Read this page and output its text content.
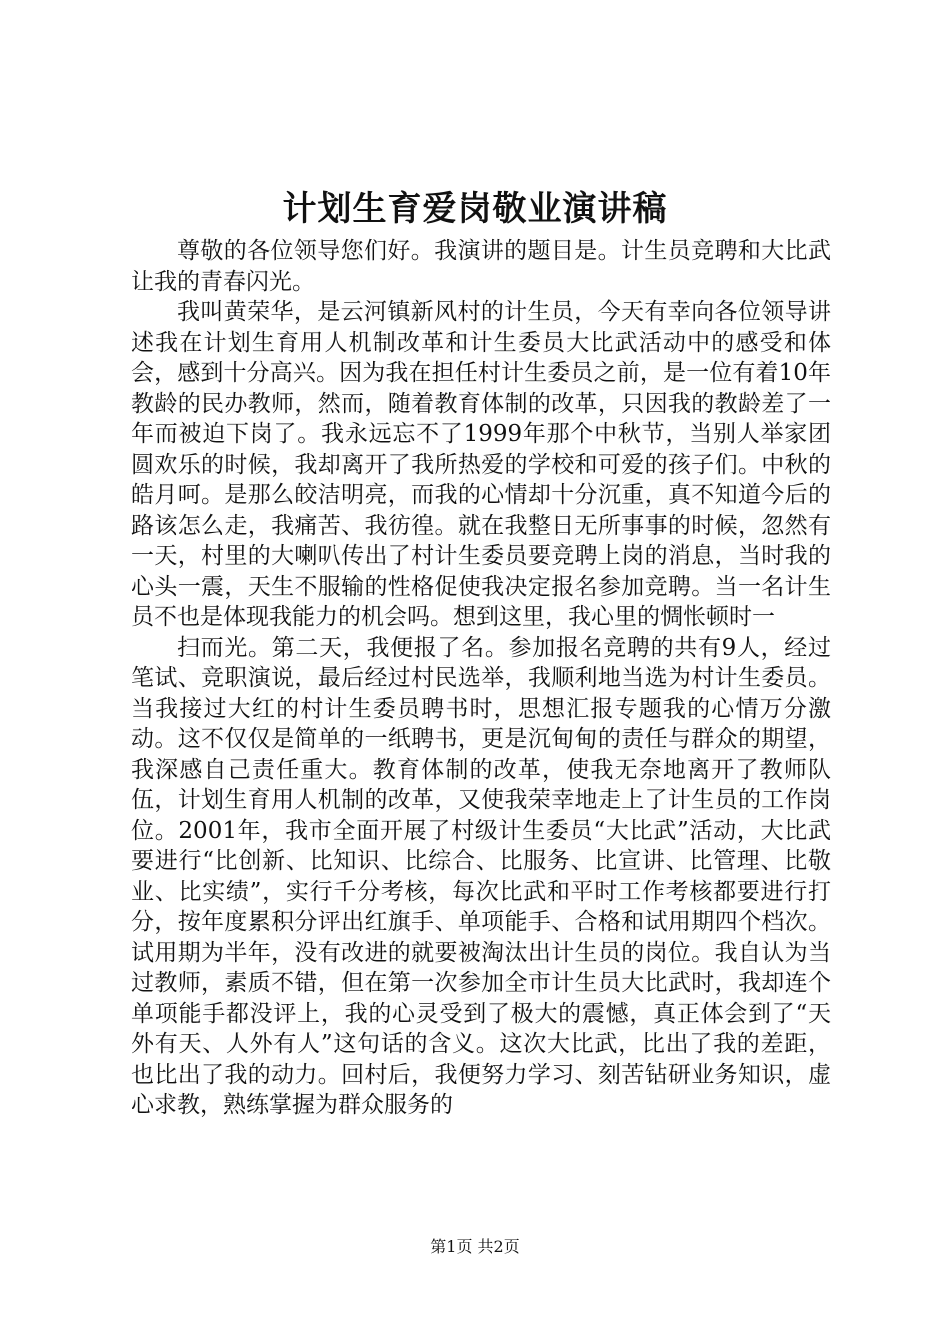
计划生育爱岗敬业演讲稿

尊敬的各位领导您们好。我演讲的题目是。计生员竞聘和大比武让我的青春闪光。

我叫黄荣华，是云河镇新风村的计生员，今天有幸向各位领导讲述我在计划生育用人机制改革和计生委员大比武活动中的感受和体会，感到十分高兴。因为我在担任村计生委员之前，是一位有着10年教龄的民办教师，然而，随着教育体制的改革，只因我的教龄差了一年而被迫下岗了。我永远忘不了1999年那个中秋节，当别人举家团圆欢乐的时候，我却离开了我所热爱的学校和可爱的孩子们。中秋的皓月呵。是那么皎洁明亮，而我的心情却十分沉重，真不知道今后的路该怎么走，我痛苦、我彷徨。就在我整日无所事事的时候，忽然有一天，村里的大喇叭传出了村计生委员要竞聘上岗的消息，当时我的心头一震，天生不服输的性格促使我决定报名参加竞聘。当一名计生员不也是体现我能力的机会吗。想到这里，我心里的惆怅顿时一

扫而光。第二天，我便报了名。参加报名竞聘的共有9人，经过笔试、竞职演说，最后经过村民选举，我顺利地当选为村计生委员。当我接过大红的村计生委员聘书时，思想汇报专题我的心情万分激动。这不仅仅是简单的一纸聘书，更是沉甸甸的责任与群众的期望，我深感自己责任重大。教育体制的改革，使我无奈地离开了教师队伍，计划生育用人机制的改革，又使我荣幸地走上了计生员的工作岗位。2001年，我市全面开展了村级计生委员“大比武”活动，大比武要进行“比创新、比知识、比综合、比服务、比宣讲、比管理、比敬业、比实绩”，实行千分考核，每次比武和平时工作考核都要进行打分，按年度累积分评出红旗手、单项能手、合格和试用期四个档次。试用期为半年，没有改进的就要被淘汰出计生员的岗位。我自认为当过教师，素质不错，但在第一次参加全市计生员大比武时，我却连个单项能手都没评上，我的心灵受到了极大的震憾，真正体会到了“天外有天、人外有人”这句话的含义。这次大比武，比出了我的差距，也比出了我的动力。回村后，我便努力学习、刻苦钻研业务知识，虚心求教，熟练掌握为群众服务的

第1页 共2页
